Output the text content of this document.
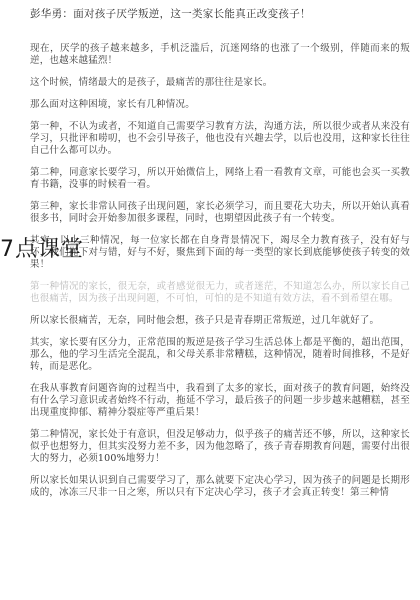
彭华勇：面对孩子厌学叛逆，这一类家长能真正改变孩子！
现在，厌学的孩子越来越多，手机泛滥后，沉迷网络的也涨了一个级别，伴随而来的叛逆，也越来越猛烈！
这个时候，情绪最大的是孩子，最痛苦的那往往是家长。
那么面对这种困境，家长有几种情况。
第一种，不认为或者，不知道自己需要学习教育方法，沟通方法，所以很少或者从来没有学习，只批评和唠叨，也不会引导孩子，他也没有兴趣去学，以后也没用，这种家长往往自己什么都可以办。
第二种，同意家长要学习，所以开始微信上，网络上看一看教育文章，可能也会买一买教育书籍，没事的时候看一看。
第三种，家长非常认同孩子出现问题，家长必须学习，而且要花大功夫，所以开始认真看很多书，同时会开始参加很多课程，同时，也期望因此孩子有一个转变。
其实，以上三种情况，每一位家长都在自身背景情况下，竭尽全力教育孩子，没有好与坏，我们抛下对与错，好与不好，聚焦到下面的每一类型的家长到底能够使孩子转变的效果！
第一种情况的家长，很无奈，或者感觉很无力，或者迷茫，不知道怎么办，所以家长自己也很痛苦，因为孩子出现问题，不可怕，可怕的是不知道有效方法，看不到希望在哪。
所以家长很痛苦，无奈，同时他会想，孩子只是青春期正常叛逆，过几年就好了。
其实，家长要有区分力，正常范围的叛逆是孩子学习生活总体上都是平衡的，超出范围，那么，他的学习生活完全混乱，和父母关系非常糟糕，这种情况，随着时间推移，不是好转，而是恶化。
在我从事教育问题咨询的过程当中，我看到了太多的家长，面对孩子的教育问题，始终没有什么学习意识或者始终不行动，拖延不学习，最后孩子的问题一步步越来越糟糕，甚至出现重度抑郁、精神分裂症等严重后果！
第二种情况，家长处于有意识，但没足够动力，似乎孩子的痛苦还不够，所以，这种家长似乎也想努力，但其实没努力差不多，因为他忽略了，孩子青春期教育问题，需要付出很大的努力，必须100%地努力！
所以家长如果认识到自己需要学习了，那么就要下定决心学习，因为孩子的问题是长期形成的，冰冻三尺非一日之寒，所以只有下定决心学习，孩子才会真正转变！第三种情
7点课堂
